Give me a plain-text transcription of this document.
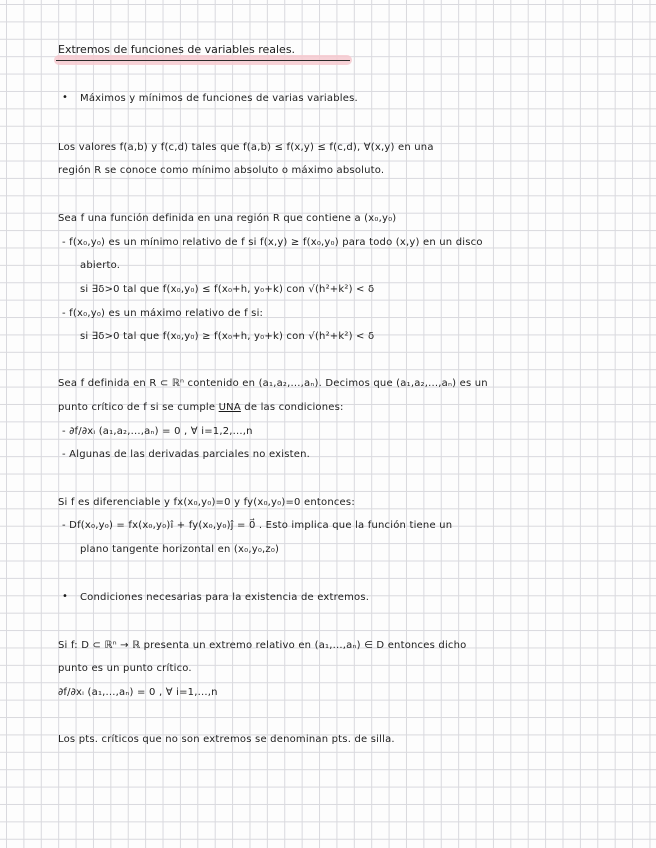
Extremos de funciones de variables reales.
• Máximos y mínimos de funciones de varias variables.
Los valores f(a,b) y f(c,d) tales que f(a,b) ≤ f(x,y) ≤ f(c,d), ∀(x,y) en una
región R se conoce como mínimo absoluto o máximo absoluto.
Sea f una función definida en una región R que contiene a (x₀,y₀)
- f(x₀,y₀) es un mínimo relativo de f si f(x,y) ≥ f(x₀,y₀) para todo (x,y) en un disco
abierto.
si ∃δ>0 tal que f(x₀,y₀) ≤ f(x₀+h, y₀+k) con √(h²+k²) < δ
- f(x₀,y₀) es un máximo relativo de f si:
si ∃δ>0 tal que f(x₀,y₀) ≥ f(x₀+h, y₀+k) con √(h²+k²) < δ
Sea f definida en R ⊂ ℝⁿ contenido en (a₁,a₂,...,aₙ). Decimos que (a₁,a₂,...,aₙ) es un
punto crítico de f si se cumple UNA de las condiciones:
- ∂f/∂xᵢ (a₁,a₂,...,aₙ) = 0 , ∀ i=1,2,...,n
- Algunas de las derivadas parciales no existen.
Si f es diferenciable y fx(x₀,y₀)=0 y fy(x₀,y₀)=0 entonces:
- Df(x₀,y₀) = fx(x₀,y₀)î + fy(x₀,y₀)ĵ = 0⃗ . Esto implica que la función tiene un
plano tangente horizontal en (x₀,y₀,z₀)
• Condiciones necesarias para la existencia de extremos.
Si f: D ⊂ ℝⁿ → ℝ presenta un extremo relativo en (a₁,...,aₙ) ∈ D entonces dicho
punto es un punto crítico.
∂f/∂xᵢ (a₁,...,aₙ) = 0 , ∀ i=1,...,n
Los pts. críticos que no son extremos se denominan pts. de silla.
